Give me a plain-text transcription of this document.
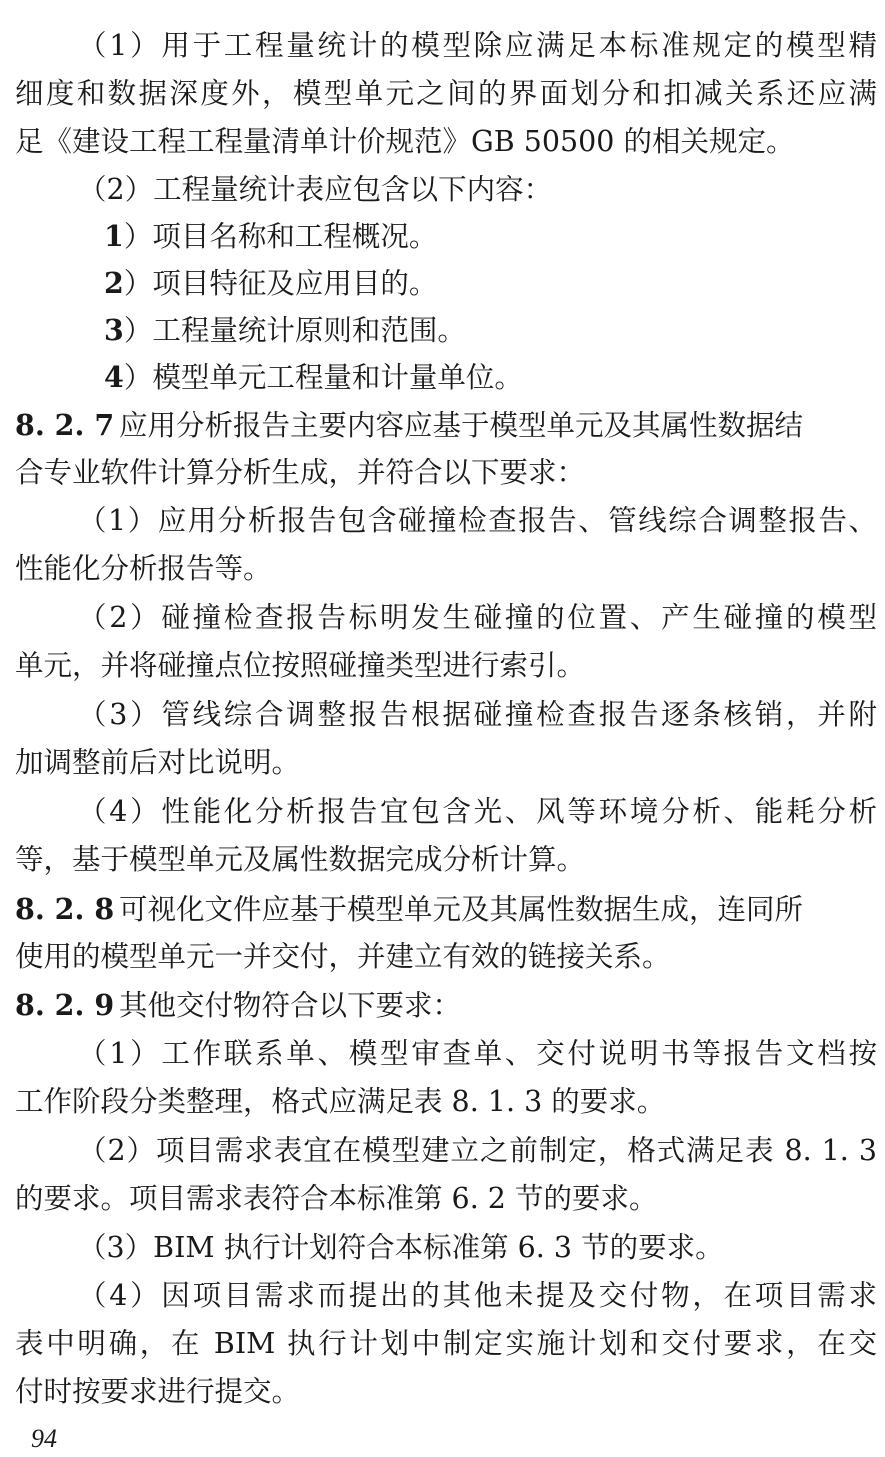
（1）用于工程量统计的模型除应满足本标准规定的模型精
细度和数据深度外，模型单元之间的界面划分和扣减关系还应满
足《建设工程工程量清单计价规范》GB 50500 的相关规定。
（2）工程量统计表应包含以下内容：
1）项目名称和工程概况。
2）项目特征及应用目的。
3）工程量统计原则和范围。
4）模型单元工程量和计量单位。
8. 2. 7 应用分析报告主要内容应基于模型单元及其属性数据结
合专业软件计算分析生成，并符合以下要求：
（1）应用分析报告包含碰撞检查报告、管线综合调整报告、
性能化分析报告等。
（2）碰撞检查报告标明发生碰撞的位置、产生碰撞的模型
单元，并将碰撞点位按照碰撞类型进行索引。
（3）管线综合调整报告根据碰撞检查报告逐条核销，并附
加调整前后对比说明。
（4）性能化分析报告宜包含光、风等环境分析、能耗分析
等，基于模型单元及属性数据完成分析计算。
8. 2. 8 可视化文件应基于模型单元及其属性数据生成，连同所
使用的模型单元一并交付，并建立有效的链接关系。
8. 2. 9 其他交付物符合以下要求：
（1）工作联系单、模型审查单、交付说明书等报告文档按
工作阶段分类整理，格式应满足表 8. 1. 3 的要求。
（2）项目需求表宜在模型建立之前制定，格式满足表 8. 1. 3
的要求。项目需求表符合本标准第 6. 2 节的要求。
（3）BIM 执行计划符合本标准第 6. 3 节的要求。
（4）因项目需求而提出的其他未提及交付物，在项目需求
表中明确，在 BIM 执行计划中制定实施计划和交付要求，在交
付时按要求进行提交。
94
